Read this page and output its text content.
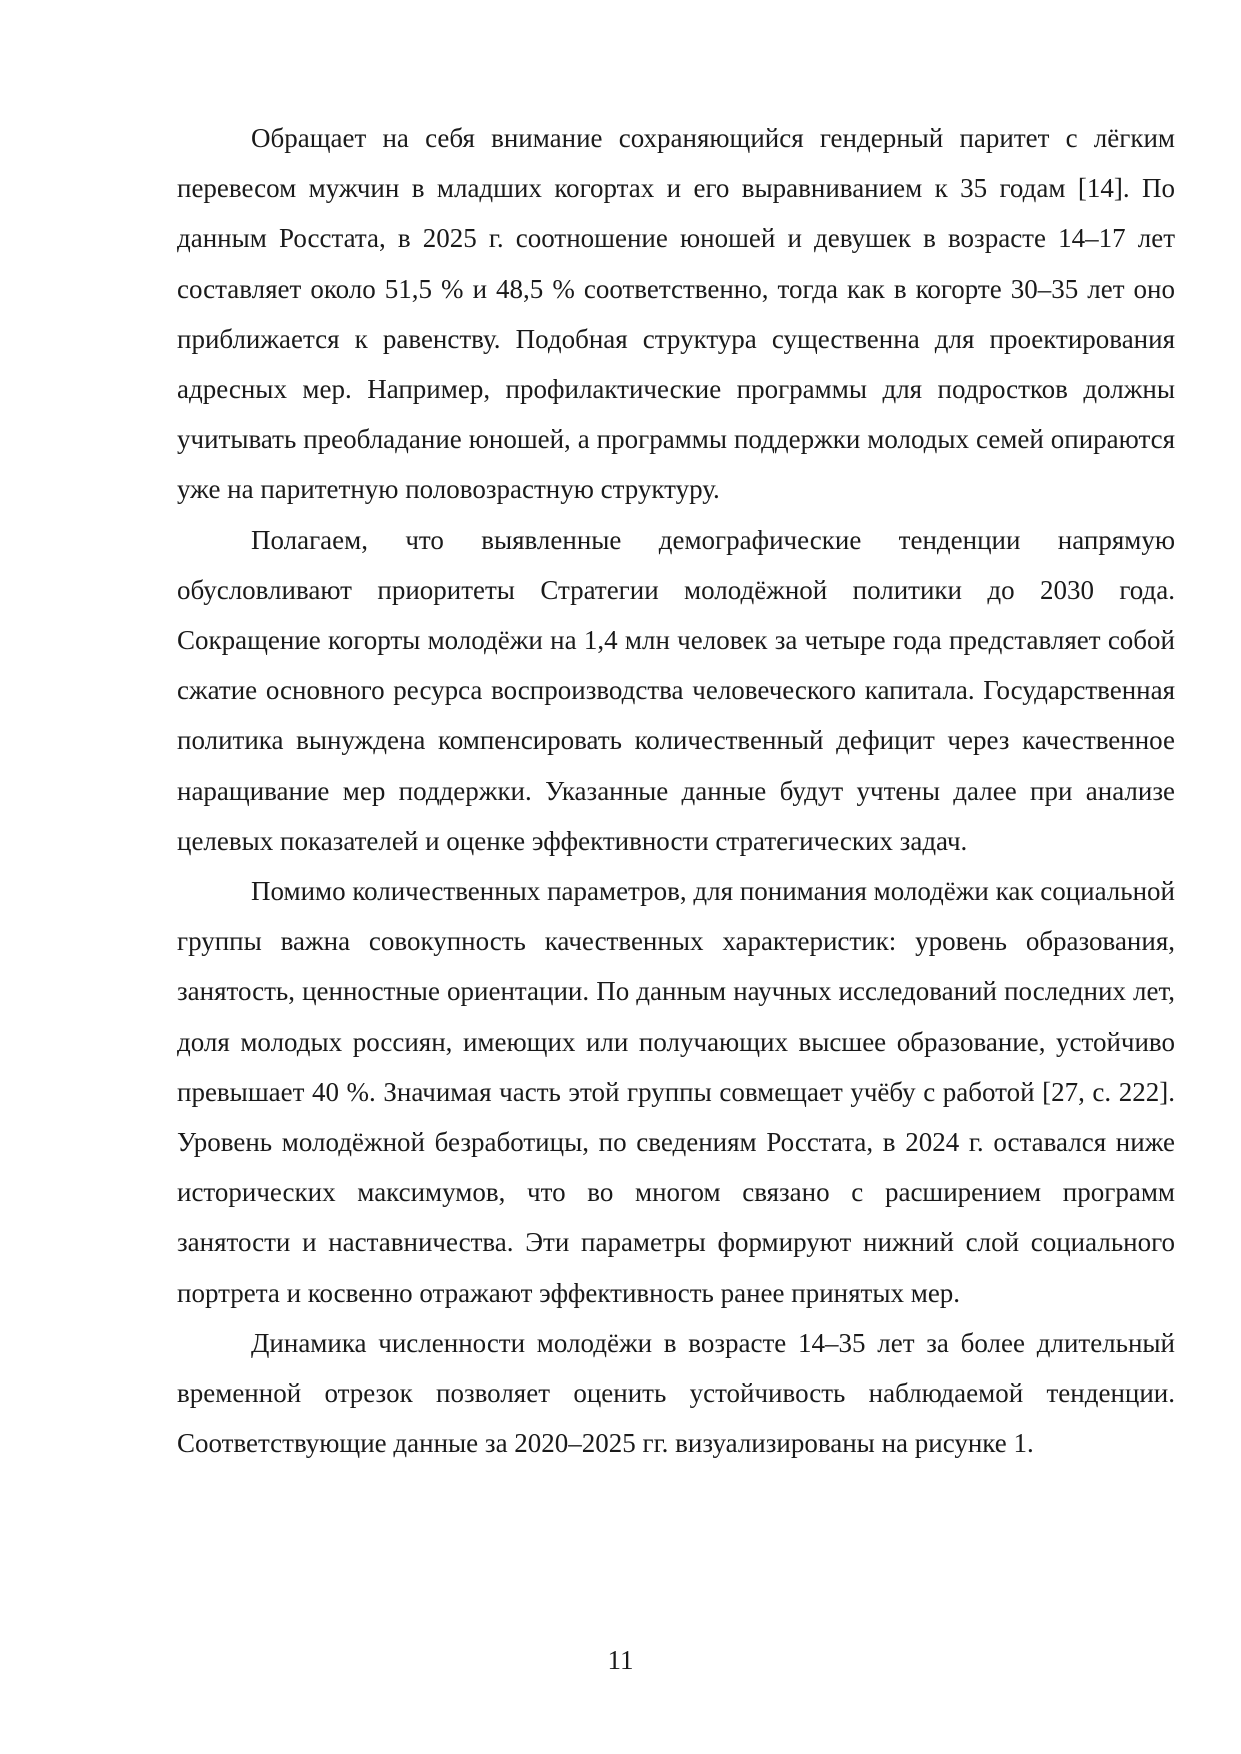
Обращает на себя внимание сохраняющийся гендерный паритет с лёгким перевесом мужчин в младших когортах и его выравниванием к 35 годам [14]. По данным Росстата, в 2025 г. соотношение юношей и девушек в возрасте 14–17 лет составляет около 51,5 % и 48,5 % соответственно, тогда как в когорте 30–35 лет оно приближается к равенству. Подобная структура существенна для проектирования адресных мер. Например, профилактические программы для подростков должны учитывать преобладание юношей, а программы поддержки молодых семей опираются уже на паритетную половозрастную структуру.

Полагаем, что выявленные демографические тенденции напрямую обусловливают приоритеты Стратегии молодёжной политики до 2030 года. Сокращение когорты молодёжи на 1,4 млн человек за четыре года представляет собой сжатие основного ресурса воспроизводства человеческого капитала. Государственная политика вынуждена компенсировать количественный дефицит через качественное наращивание мер поддержки. Указанные данные будут учтены далее при анализе целевых показателей и оценке эффективности стратегических задач.

Помимо количественных параметров, для понимания молодёжи как социальной группы важна совокупность качественных характеристик: уровень образования, занятость, ценностные ориентации. По данным научных исследований последних лет, доля молодых россиян, имеющих или получающих высшее образование, устойчиво превышает 40 %. Значимая часть этой группы совмещает учёбу с работой [27, с. 222]. Уровень молодёжной безработицы, по сведениям Росстата, в 2024 г. оставался ниже исторических максимумов, что во многом связано с расширением программ занятости и наставничества. Эти параметры формируют нижний слой социального портрета и косвенно отражают эффективность ранее принятых мер.

Динамика численности молодёжи в возрасте 14–35 лет за более длительный временной отрезок позволяет оценить устойчивость наблюдаемой тенденции. Соответствующие данные за 2020–2025 гг. визуализированы на рисунке 1.

11
